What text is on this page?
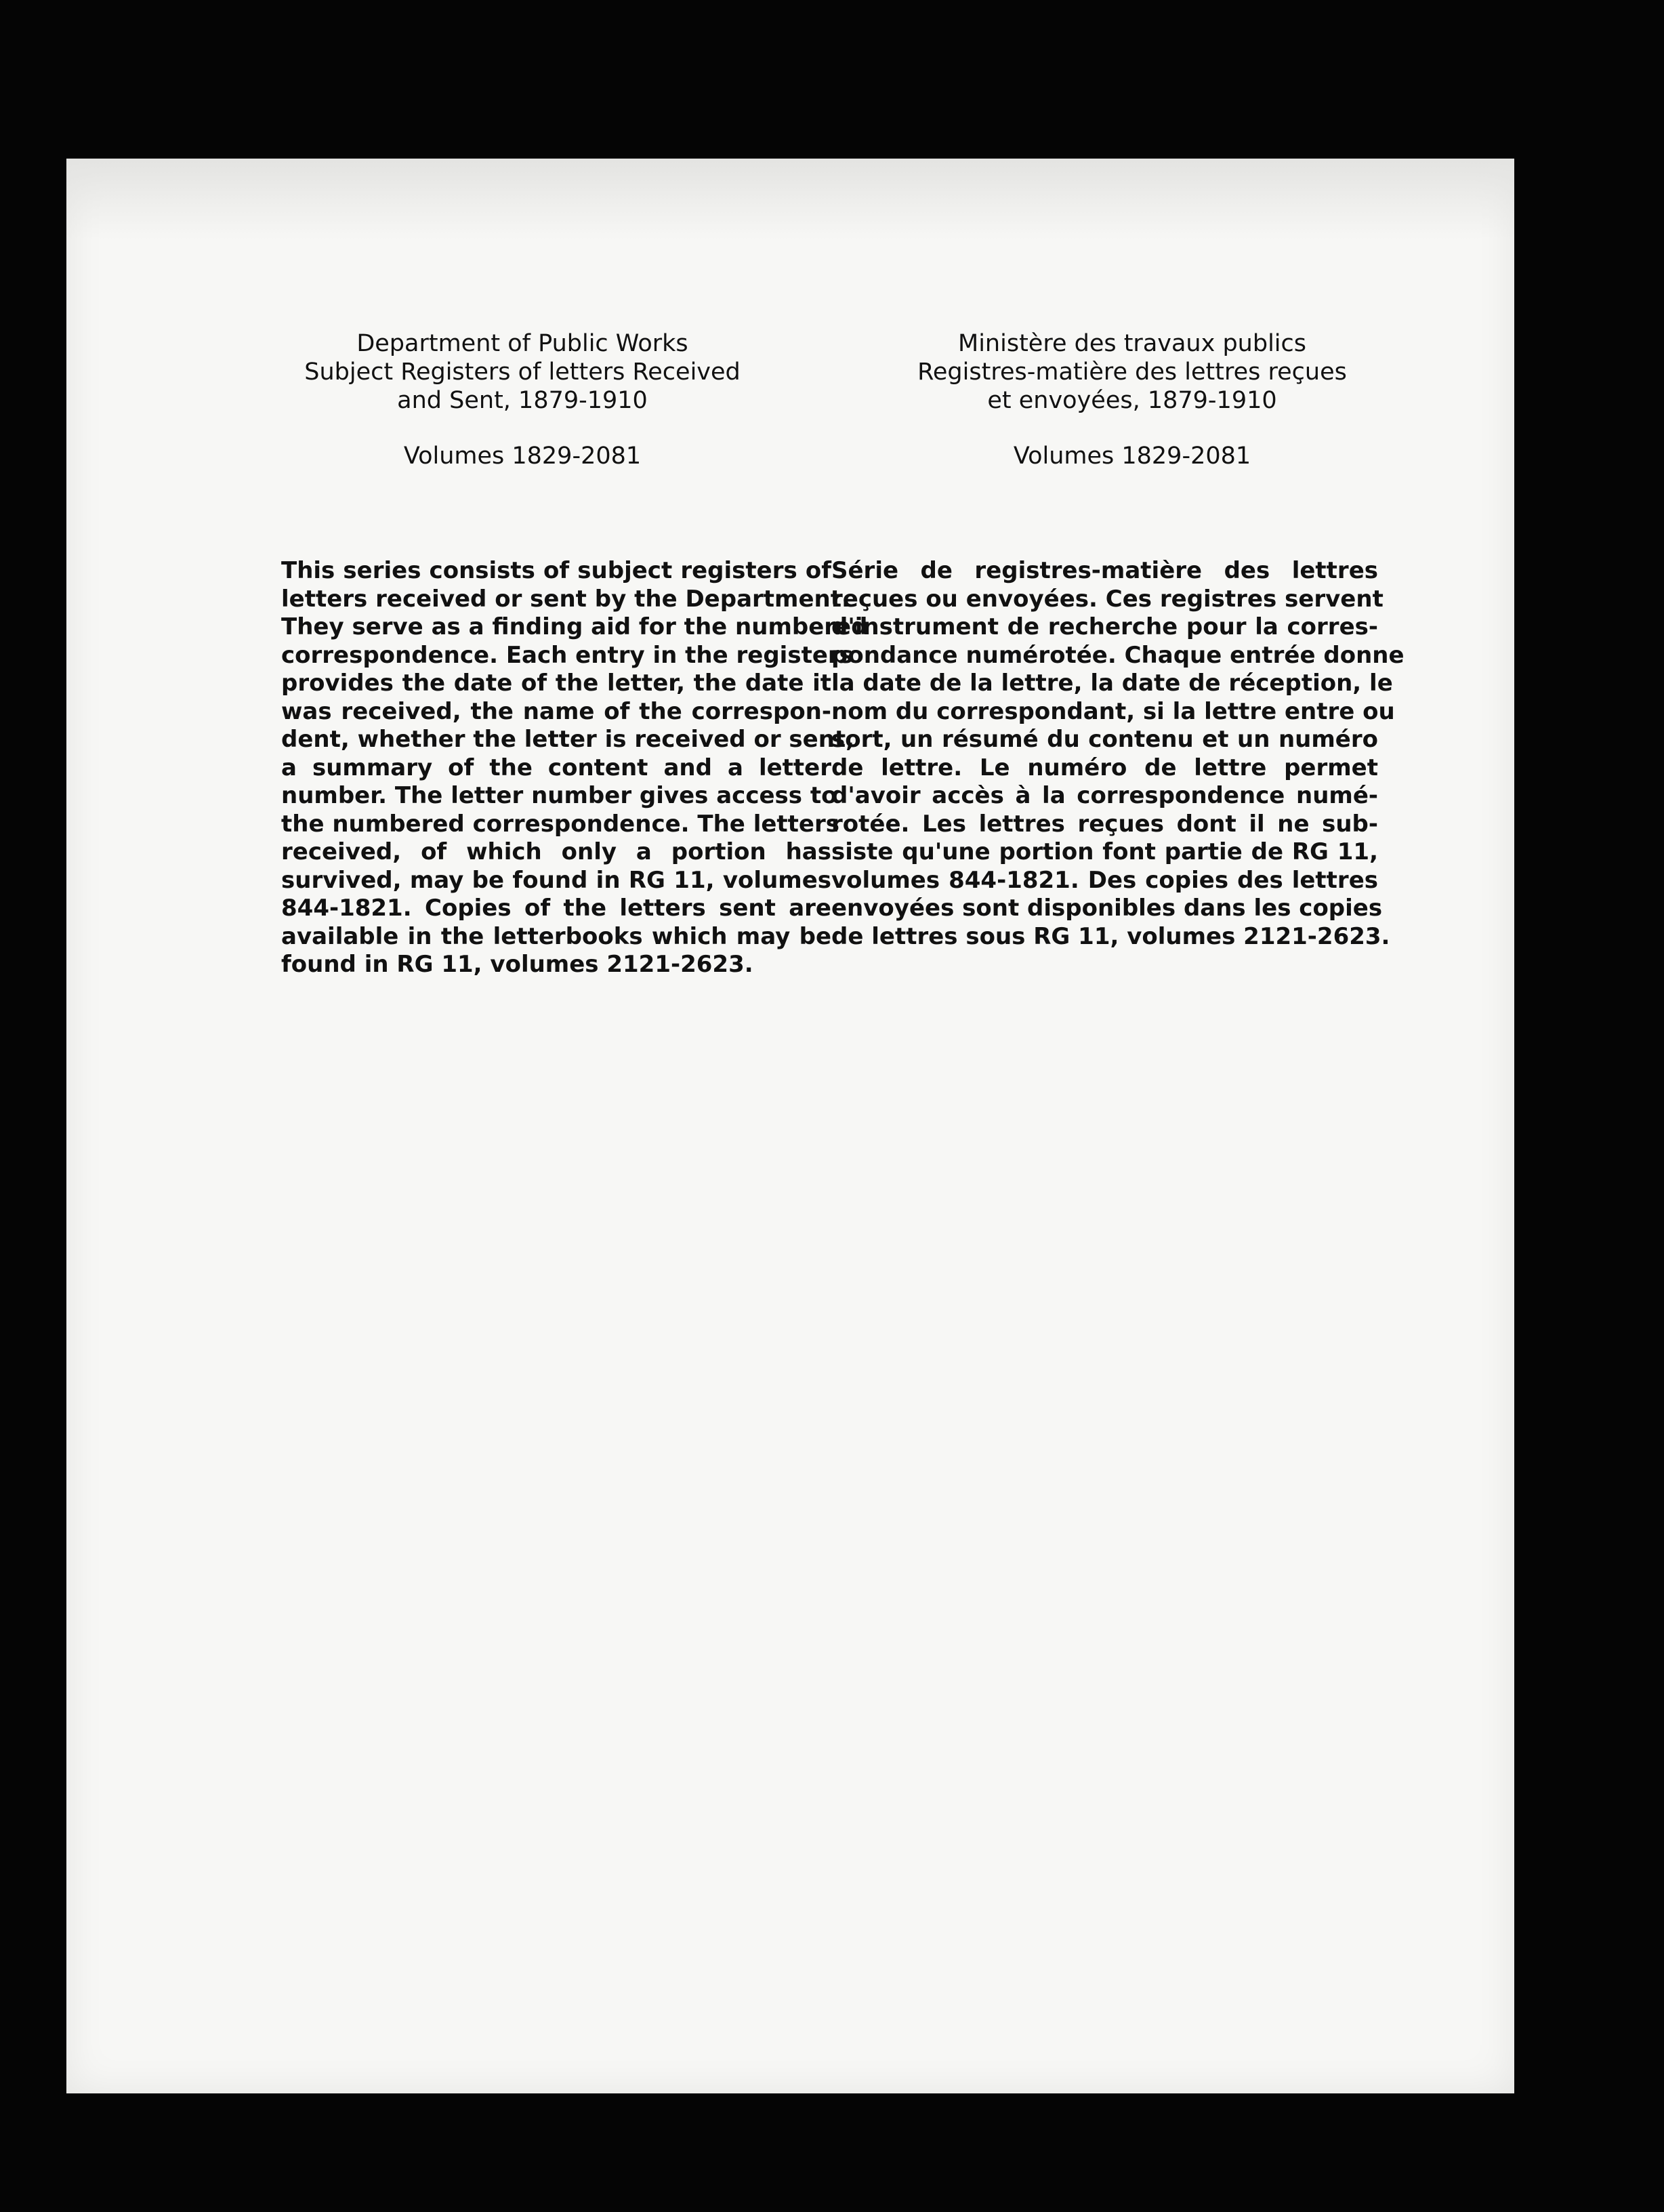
Department of Public Works
Subject Registers of letters Received
and Sent, 1879-1910
Volumes 1829-2081
This series consists of subject registers of
letters received or sent by the Department.
They serve as a finding aid for the numbered
correspondence. Each entry in the registers
provides the date of the letter, the date it
was received, the name of the correspon-
dent, whether the letter is received or sent,
a summary of the content and a letter
number. The letter number gives access to
the numbered correspondence. The letters
received, of which only a portion has
survived, may be found in RG 11, volumes
844-1821. Copies of the letters sent are
available in the letterbooks which may be
found in RG 11, volumes 2121-2623.
Ministère des travaux publics
Registres-matière des lettres reçues
et envoyées, 1879-1910
Volumes 1829-2081
Série de registres-matière des lettres
reçues ou envoyées. Ces registres servent
d'instrument de recherche pour la corres-
pondance numérotée. Chaque entrée donne
la date de la lettre, la date de réception, le
nom du correspondant, si la lettre entre ou
sort, un résumé du contenu et un numéro
de lettre. Le numéro de lettre permet
d'avoir accès à la correspondence numé-
rotée. Les lettres reçues dont il ne sub-
siste qu'une portion font partie de RG 11,
volumes 844-1821. Des copies des lettres
envoyées sont disponibles dans les copies
de lettres sous RG 11, volumes 2121-2623.
